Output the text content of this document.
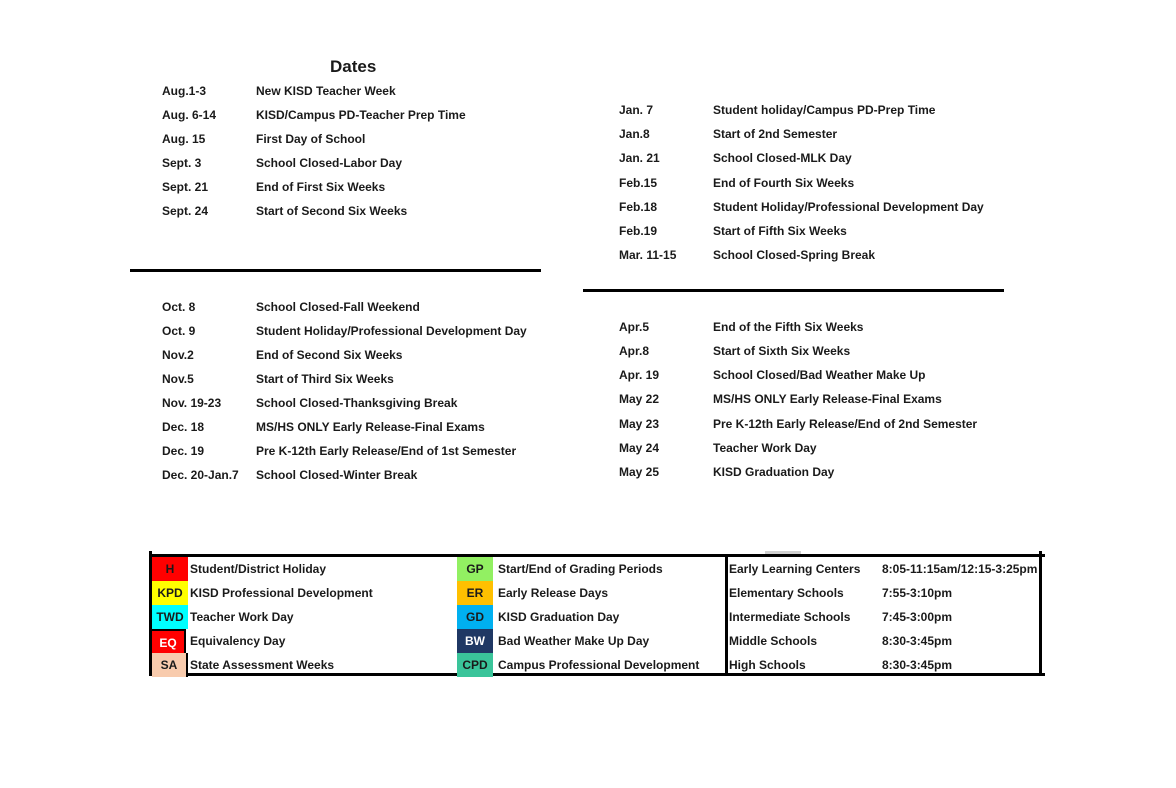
Dates
Aug.1-3	New KISD Teacher Week
Aug. 6-14	KISD/Campus PD-Teacher Prep Time
Aug. 15	First Day of School
Sept. 3	School Closed-Labor Day
Sept. 21	End of First Six Weeks
Sept. 24	Start of Second Six Weeks
Oct. 8	School Closed-Fall Weekend
Oct. 9	Student Holiday/Professional Development Day
Nov.2	End of Second Six Weeks
Nov.5	Start of Third Six Weeks
Nov. 19-23	School Closed-Thanksgiving Break
Dec. 18	MS/HS ONLY Early Release-Final Exams
Dec. 19	Pre K-12th Early Release/End of 1st Semester
Dec. 20-Jan.7 School Closed-Winter Break
Jan. 7	Student holiday/Campus PD-Prep Time
Jan.8	Start of 2nd Semester
Jan. 21	School Closed-MLK Day
Feb.15	End of Fourth Six Weeks
Feb.18	Student Holiday/Professional Development Day
Feb.19	Start of Fifth Six Weeks
Mar. 11-15	School Closed-Spring Break
Apr.5	End of the Fifth Six Weeks
Apr.8	Start of Sixth Six Weeks
Apr. 19	School Closed/Bad Weather Make Up
May 22	MS/HS ONLY Early Release-Final Exams
May 23	Pre K-12th Early Release/End of 2nd Semester
May 24	Teacher Work Day
May 25	KISD Graduation Day
H	Student/District Holiday
KPD KISD Professional Development
TWD Teacher Work Day
EQ	Equivalency Day
SA	State Assessment Weeks
GP	Start/End of Grading Periods
ER	Early Release Days
GD	KISD Graduation Day
BW	Bad Weather Make Up Day
CPD Campus Professional Development
Early Learning Centers 8:05-11:15am/12:15-3:25pm
Elementary Schools	7:55-3:10pm
Intermediate Schools	7:45-3:00pm
Middle Schools	8:30-3:45pm
High Schools	8:30-3:45pm
